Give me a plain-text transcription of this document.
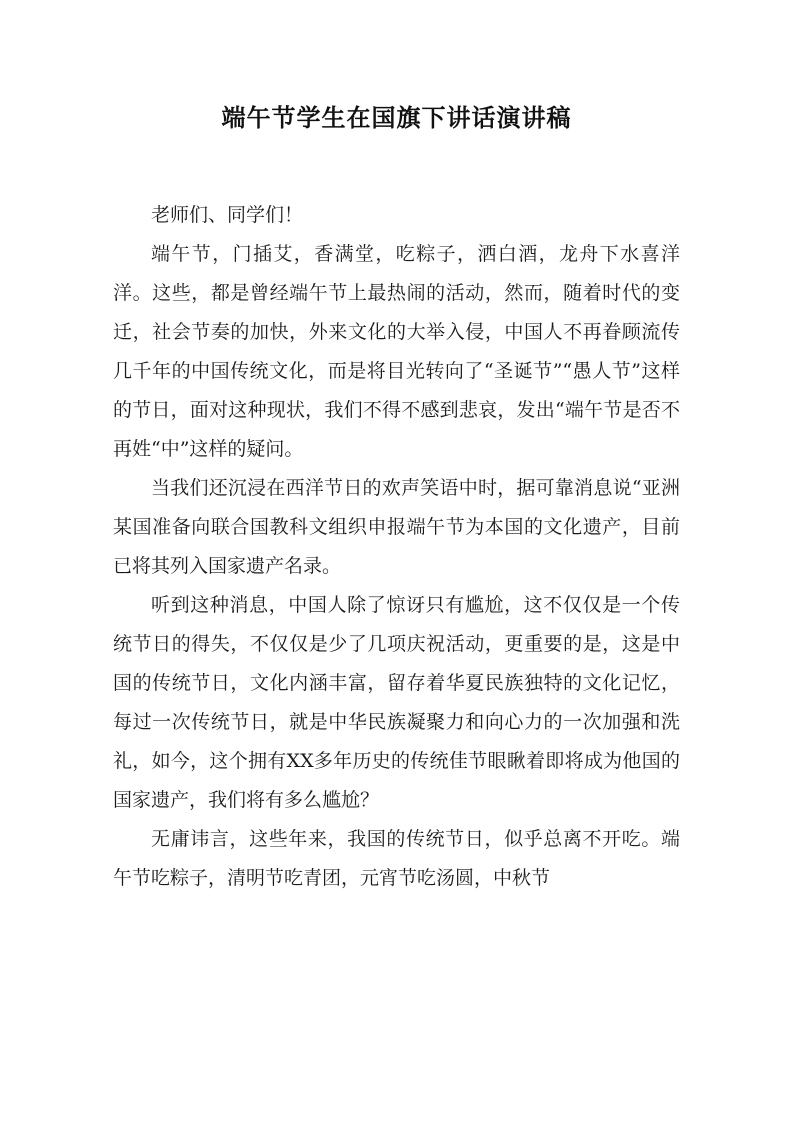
端午节学生在国旗下讲话演讲稿

老师们、同学们！

端午节，门插艾，香满堂，吃粽子，洒白酒，龙舟下水喜洋洋。这些，都是曾经端午节上最热闹的活动，然而，随着时代的变迁，社会节奏的加快，外来文化的大举入侵，中国人不再眷顾流传几千年的中国传统文化，而是将目光转向了“圣诞节”“愚人节”这样的节日，面对这种现状，我们不得不感到悲哀，发出“端午节是否不再姓“中”这样的疑问。

当我们还沉浸在西洋节日的欢声笑语中时，据可靠消息说“亚洲某国准备向联合国教科文组织申报端午节为本国的文化遗产，目前已将其列入国家遗产名录。

听到这种消息，中国人除了惊讶只有尴尬，这不仅仅是一个传统节日的得失，不仅仅是少了几项庆祝活动，更重要的是，这是中国的传统节日，文化内涵丰富，留存着华夏民族独特的文化记忆，每过一次传统节日，就是中华民族凝聚力和向心力的一次加强和洗礼，如今，这个拥有XX多年历史的传统佳节眼瞅着即将成为他国的国家遗产，我们将有多么尴尬？

无庸讳言，这些年来，我国的传统节日，似乎总离不开吃。端午节吃粽子，清明节吃青团，元宵节吃汤圆，中秋节
